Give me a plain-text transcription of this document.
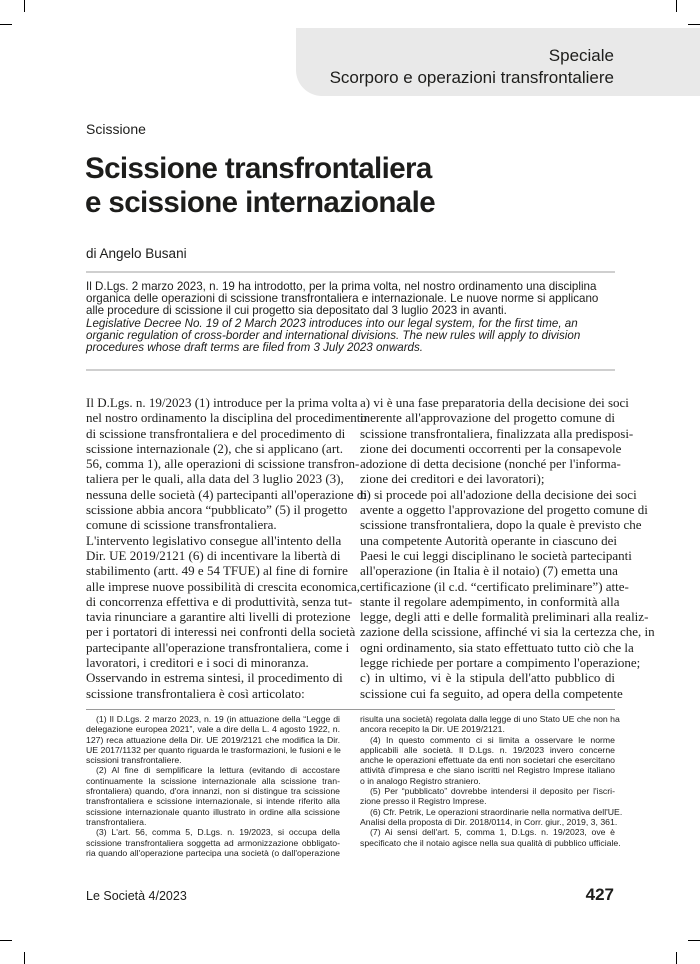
Speciale
Scorporo e operazioni transfrontaliere
Scissione
Scissione transfrontaliera
e scissione internazionale
di Angelo Busani
Il D.Lgs. 2 marzo 2023, n. 19 ha introdotto, per la prima volta, nel nostro ordinamento una disciplina
organica delle operazioni di scissione transfrontaliera e internazionale. Le nuove norme si applicano
alle procedure di scissione il cui progetto sia depositato dal 3 luglio 2023 in avanti.
Legislative Decree No. 19 of 2 March 2023 introduces into our legal system, for the first time, an
organic regulation of cross-border and international divisions. The new rules will apply to division
procedures whose draft terms are filed from 3 July 2023 onwards.
Il D.Lgs. n. 19/2023 (1) introduce per la prima volta
nel nostro ordinamento la disciplina del procedimento
di scissione transfrontaliera e del procedimento di
scissione internazionale (2), che si applicano (art.
56, comma 1), alle operazioni di scissione transfron-
taliera per le quali, alla data del 3 luglio 2023 (3),
nessuna delle società (4) partecipanti all'operazione di
scissione abbia ancora “pubblicato” (5) il progetto
comune di scissione transfrontaliera.
L'intervento legislativo consegue all'intento della
Dir. UE 2019/2121 (6) di incentivare la libertà di
stabilimento (artt. 49 e 54 TFUE) al fine di fornire
alle imprese nuove possibilità di crescita economica,
di concorrenza effettiva e di produttività, senza tut-
tavia rinunciare a garantire alti livelli di protezione
per i portatori di interessi nei confronti della società
partecipante all'operazione transfrontaliera, come i
lavoratori, i creditori e i soci di minoranza.
Osservando in estrema sintesi, il procedimento di
scissione transfrontaliera è così articolato:
a) vi è una fase preparatoria della decisione dei soci
inerente all'approvazione del progetto comune di
scissione transfrontaliera, finalizzata alla predisposi-
zione dei documenti occorrenti per la consapevole
adozione di detta decisione (nonché per l'informa-
zione dei creditori e dei lavoratori);
b) si procede poi all'adozione della decisione dei soci
avente a oggetto l'approvazione del progetto comune di
scissione transfrontaliera, dopo la quale è previsto che
una competente Autorità operante in ciascuno dei
Paesi le cui leggi disciplinano le società partecipanti
all'operazione (in Italia è il notaio) (7) emetta una
certificazione (il c.d. “certificato preliminare”) atte-
stante il regolare adempimento, in conformità alla
legge, degli atti e delle formalità preliminari alla realiz-
zazione della scissione, affinché vi sia la certezza che, in
ogni ordinamento, sia stato effettuato tutto ciò che la
legge richiede per portare a compimento l'operazione;
c) in ultimo, vi è la stipula dell'atto pubblico di
scissione cui fa seguito, ad opera della competente
(1) Il D.Lgs. 2 marzo 2023, n. 19 (in attuazione della “Legge di
delegazione europea 2021”, vale a dire della L. 4 agosto 1922, n.
127) reca attuazione della Dir. UE 2019/2121 che modifica la Dir.
UE 2017/1132 per quanto riguarda le trasformazioni, le fusioni e le
scissioni transfrontaliere.
(2) Al fine di semplificare la lettura (evitando di accostare
continuamente la scissione internazionale alla scissione tran-
sfrontaliera) quando, d'ora innanzi, non si distingue tra scissione
transfrontaliera e scissione internazionale, si intende riferito alla
scissione internazionale quanto illustrato in ordine alla scissione
transfrontaliera.
(3) L'art. 56, comma 5, D.Lgs. n. 19/2023, si occupa della
scissione transfrontaliera soggetta ad armonizzazione obbligato-
ria quando all'operazione partecipa una società (o dall'operazione
risulta una società) regolata dalla legge di uno Stato UE che non ha
ancora recepito la Dir. UE 2019/2121.
(4) In questo commento ci si limita a osservare le norme
applicabili alle società. Il D.Lgs. n. 19/2023 invero concerne
anche le operazioni effettuate da enti non societari che esercitano
attività d'impresa e che siano iscritti nel Registro Imprese italiano
o in analogo Registro straniero.
(5) Per “pubblicato” dovrebbe intendersi il deposito per l'iscri-
zione presso il Registro Imprese.
(6) Cfr. Petrik, Le operazioni straordinarie nella normativa dell'UE.
Analisi della proposta di Dir. 2018/0114, in Corr. giur., 2019, 3, 361.
(7) Ai sensi dell'art. 5, comma 1, D.Lgs. n. 19/2023, ove è
specificato che il notaio agisce nella sua qualità di pubblico ufficiale.
Le Società 4/2023	427
